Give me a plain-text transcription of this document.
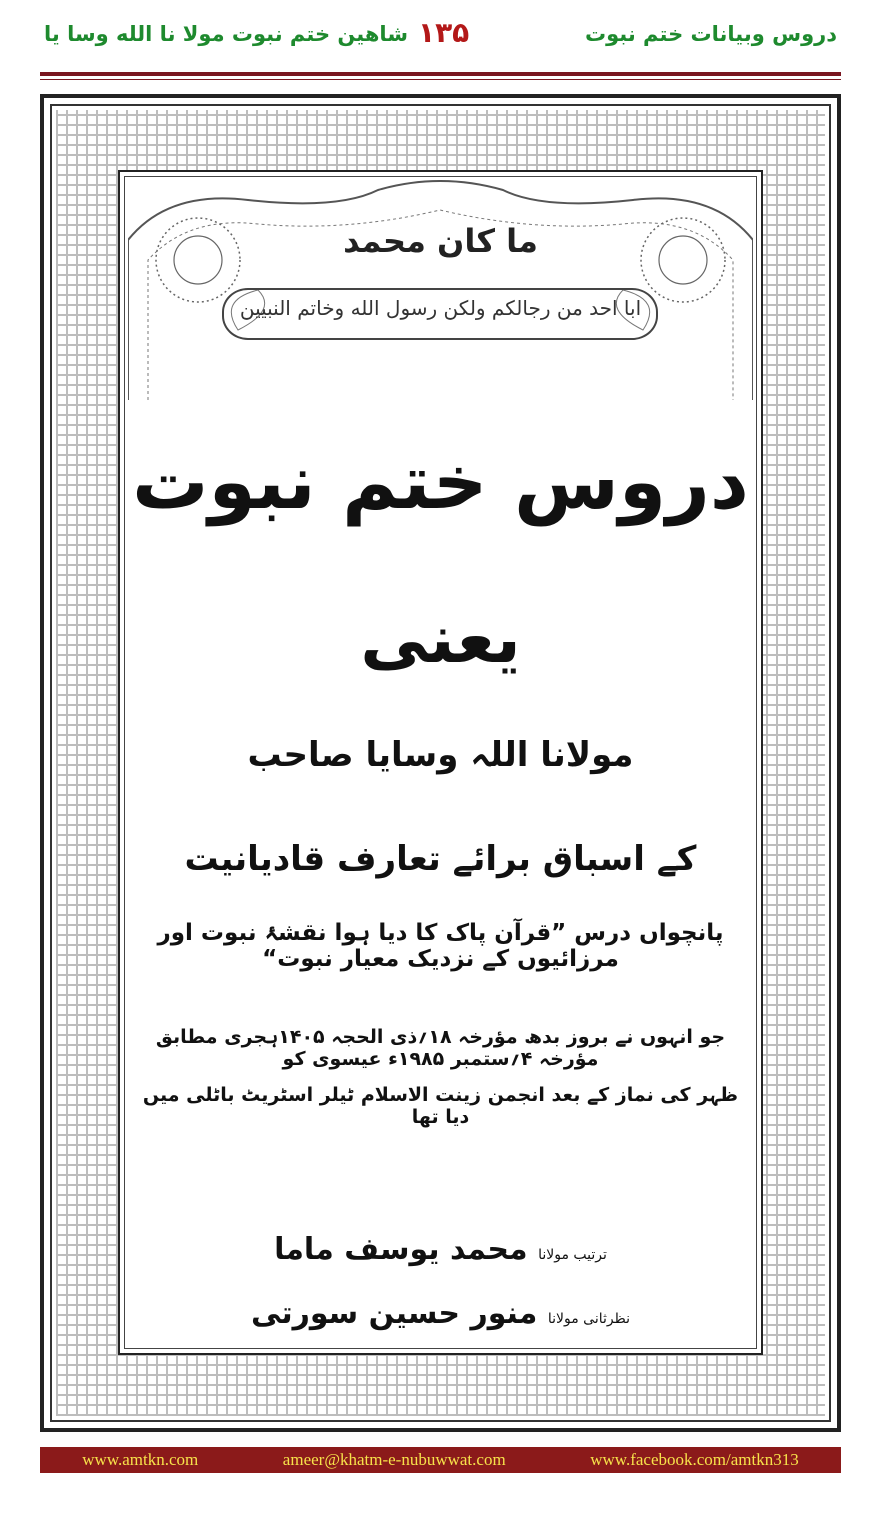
دروس وبیانات ختم نبوت
۱۳۵
شاهین ختم نبوت مولا نا الله وسا یا
ما کان محمد
ابا احد من رجالکم ولکن رسول الله وخاتم النبیین
دروس ختم نبوت
یعنی
مولانا اللہ وسایا صاحب
کے اسباق برائے تعارف قادیانیت
پانچواں درس ”قرآن پاک کا دیا ہوا نقشۂ نبوت اور مرزائیوں کے نزدیک معیار نبوت“
جو انہوں نے بروز بدھ مؤرخہ ۱۸؍ذی الحجہ ۱۴۰۵ہجری مطابق مؤرخہ ۴؍ستمبر ۱۹۸۵ء عیسوی کو
ظہر کی نماز کے بعد انجمن زینت الاسلام ٹیلر اسٹریٹ باٹلی میں دیا تھا
ترتیب مولانا محمد یوسف ماما
نظرثانی مولانا منور حسین سورتی
www.amtkn.com	ameer@khatm-e-nubuwwat.com	www.facebook.com/amtkn313
